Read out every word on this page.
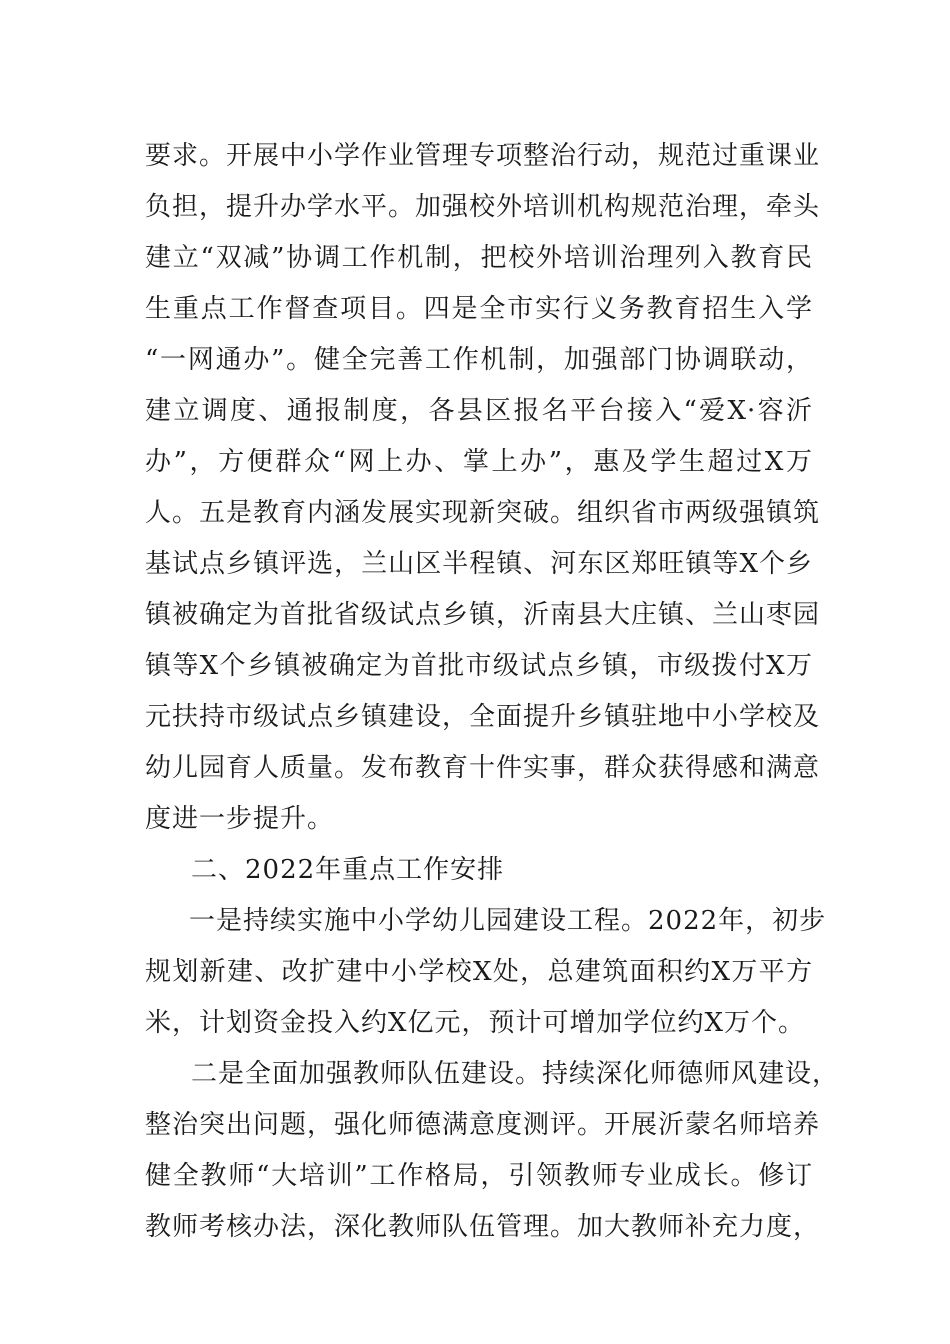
要求。开展中小学作业管理专项整治行动，规范过重课业
负担，提升办学水平。加强校外培训机构规范治理，牵头
建立“双减”协调工作机制，把校外培训治理列入教育民
生重点工作督查项目。四是全市实行义务教育招生入学
“一网通办”。健全完善工作机制，加强部门协调联动，
建立调度、通报制度，各县区报名平台接入“爱X·容沂
办”，方便群众“网上办、掌上办”，惠及学生超过X万
人。五是教育内涵发展实现新突破。组织省市两级强镇筑
基试点乡镇评选，兰山区半程镇、河东区郑旺镇等X个乡
镇被确定为首批省级试点乡镇，沂南县大庄镇、兰山枣园
镇等X个乡镇被确定为首批市级试点乡镇，市级拨付X万
元扶持市级试点乡镇建设，全面提升乡镇驻地中小学校及
幼儿园育人质量。发布教育十件实事，群众获得感和满意
度进一步提升。
二、2022年重点工作安排
一是持续实施中小学幼儿园建设工程。2022年，初步
规划新建、改扩建中小学校X处，总建筑面积约X万平方
米，计划资金投入约X亿元，预计可增加学位约X万个。
二是全面加强教师队伍建设。持续深化师德师风建设，
整治突出问题，强化师德满意度测评。开展沂蒙名师培养
健全教师“大培训”工作格局，引领教师专业成长。修订
教师考核办法，深化教师队伍管理。加大教师补充力度，
